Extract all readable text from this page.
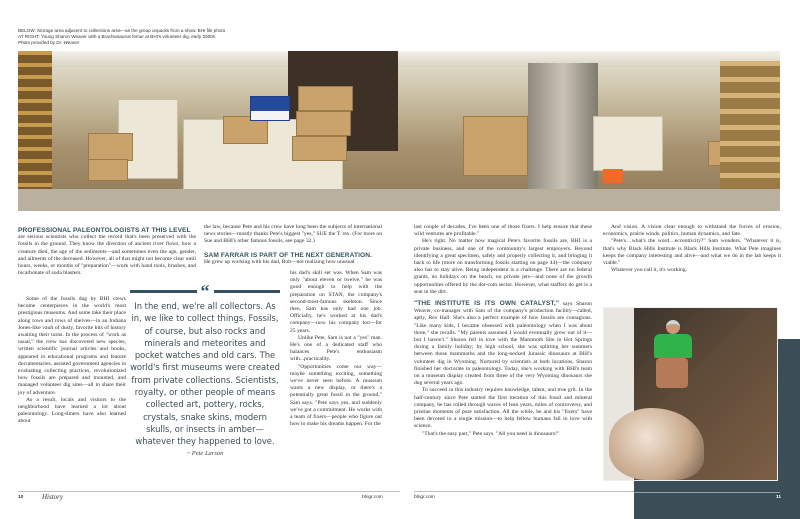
BELOW: Storage area adjacent to collections area—as the group unpacks from a show. BHI file photo
AT RIGHT: Young Sharon Weaver with a Brachiosaurus femur at BHI's volunteer dig, early 2000s.
Photo provided by Dr. Weaver
PROFESSIONAL PALEONTOLOGISTS AT THIS LEVEL

are serious scientists who collect the record that's been preserved with the fossils in the ground. They know the direction of ancient river flows, how a creature died, the age of the sediments—and sometimes even the age, gender, and ailments of the deceased. However, all of that might not become clear until hours, weeks, or months of "preparation"—work with hand tools, brushes, and bicarbonate of soda blasters.

Some of the fossils dug by BHI crews become centerpieces in the world's most prestigious museums. And some take their place along rows and rows of shelves—in an Indiana Jones-like vault of dusty, favorite bits of history awaiting their turns. In the process of "work as usual," the crew has discovered new species, written scientific journal articles and books, appeared in educational programs and feature documentaries, assisted government agencies in evaluating collecting practices, revolutionized how fossils are prepared and mounted, and managed volunteer dig sites—all to share their joy of adventure.

As a result, locals and visitors to the neighborhood have learned a lot about paleontology. Long-timers have also learned about

the law, because Pete and his crew have long been the subjects of international news stories—mostly thanks Pete's biggest "yes," SUE the T. rex. (For more on Sue and BHI's other famous fossils, see page 32.)

SAM FARRAR IS PART OF THE NEXT GENERATION.

He grew up working with his dad, Bob—not realizing how unusual

his dad's skill set was. When Sam was only "about eleven or twelve," he was good enough to help with the preparation on STAN, the company's second-most-famous skeleton. Since then, Sam has only had one job. Officially, he's worked at his dad's company—now his company too—for 25 years.

Unlike Pete, Sam is not a "yes" man. He's one of a dedicated staff who balances Pete's enthusiasm with...practicality.

"Opportunities come our way—maybe something exciting, something we've never seen before. A museum wants a new display, or there's a potentially great fossil in the ground," Sam says. "Pete says yes, and suddenly we've got a commitment. He works with a team of fixers—people who figure out how to make his dreams happen. For the

“
In the end, we're all collectors. As in, we like to collect things. Fossils, of course, but also rocks and minerals and meteorites and pocket watches and old cars. The world's first museums were created from private collections. Scientists, royalty, or other people of means collected art, pottery, rocks, crystals, snake skins, modern skulls, or insects in amber—whatever they happened to love.
~ Pete Larson

last couple of decades, I've been one of those fixers. I help ensure that these wild ventures are profitable."

He's right. No matter how magical Pete's favorite fossils are, BHI is a private business, and one of the community's largest employers. Beyond identifying a great specimen, safely and properly collecting it, and bringing it back to life (more on transforming fossils starting on page 44)—the company also has to stay alive. Being independent is a challenge. There are no federal grants, no holidays on the beach, no private jets—and none of the growth opportunities offered by the dot-com sector. However, what staffers do get is a seat in the dirt.

"THE INSTITUTE IS ITS OWN CATALYST," says Sharon Weaver, co-manager with Sam of the company's production facility—called, aptly, Rex Hall. She's also a perfect example of how fossils are contagious. "Like many kids, I became obsessed with paleontology when I was about three," she recalls. "My parents assumed I would eventually grow out of it—but I haven't." Sharon fell in love with the Mammoth Site in Hot Springs during a family holiday; by high school, she was splitting her summers between those mammoths and the long-necked Jurassic dinosaurs at BHI's volunteer dig in Wyoming. Nurtured by scientists at both locations, Sharon finished her doctorate in paleontology. Today, she's working with BHI's team on a museum display created from three of the very Wyoming dinosaurs she dug several years ago.

To succeed in this industry requires knowledge, talent, and true grit. In the half-century since Pete started the first iteration of this fossil and mineral company, he has rolled through waves of lean years, miles of controversy, and pristine moments of pure satisfaction. All the while, he and his "fixers" have been devoted to a single mission—to help fellow humans fall in love with science.

"That's the easy part," Pete says. "All you need is dinosaurs!"

And vision. A vision clear enough to withstand the forces of erosion, economics, prairie winds, politics, human dynamics, and fate.

"Pete's…what's the word…eccentricity?" Sam wonders. "Whatever it is, that's why Black Hills Institute is Black Hills Institute. What Pete imagines keeps the company interesting and alive—and what we do in the lab keeps it viable."

Whatever you call it, it's working.

10	History	bhigr.com	bhigr.com	11
